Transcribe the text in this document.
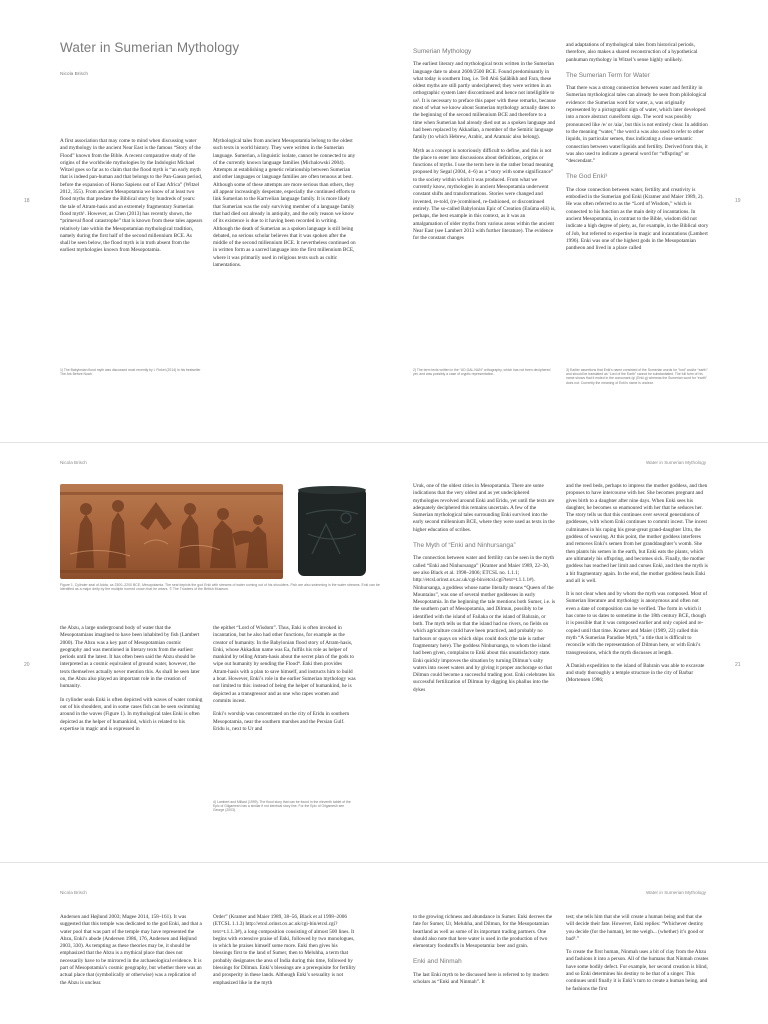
Water in Sumerian Mythology
Nicola Brisch
18	19

A first association that may come to mind when discussing water and mythology in the ancient Near East is the famous “Story of the Flood” known from the Bible. A recent comparative study of the origins of the worldwide mythologies by the Indologist Michael Witzel goes so far as to claim that the flood myth is “an early myth that is indeed pan-human and that belongs to the Pan-Gaean period, before the expansion of Homo Sapiens out of East Africa” (Witzel 2012, 355). From ancient Mesopotamia we know of at least two flood myths that predate the Biblical story by hundreds of years: the tale of Atram-hasis and an extremely fragmentary Sumerian flood myth¹. However, as Chen (2013) has recently shown, the “primeval flood catastrophe” that is known from these tales appears relatively late within the Mesopotamian mythological tradition, namely during the first half of the second millennium BCE. As shall be seen below, the flood myth is in truth absent from the earliest mythologies known from Mesopotamia.

Mythological tales from ancient Mesopotamia belong to the oldest such texts in world history. They were written in the Sumerian language. Sumerian, a linguistic isolate, cannot be connected to any of the currently known language families (Michalowski 2004). Attempts at establishing a genetic relationship between Sumerian and other languages or language families are often tenuous at best. Although some of these attempts are more serious than others, they all appear increasingly desperate, especially the continued efforts to link Sumerian to the Kartvelian language family. It is more likely that Sumerian was the only surviving member of a language family that had died out already in antiquity, and the only reason we know of its existence is due to it having been recorded in writing. Although the death of Sumerian as a spoken language is still being debated, no serious scholar believes that it was spoken after the middle of the second millennium BCE. It nevertheless continued on in written form as a sacred language into the first millennium BCE, where it was primarily used in religious texts such as cultic lamentations.

Sumerian Mythology

The earliest literary and mythological texts written in the Sumerian language date to about 2600/2500 BCE. Found predominantly in what today is southern Iraq, i.e. Tell Abū Ṣalābīkh and Fara, these oldest myths are still partly undeciphered; they were written in an orthographic system later discontinued and hence not intelligible to us². It is necessary to preface this paper with these remarks, because most of what we know about Sumerian mythology actually dates to the beginning of the second millennium BCE and therefore to a time when Sumerian had already died out as a spoken language and had been replaced by Akkadian, a member of the Semitic language family (to which Hebrew, Arabic, and Aramaic also belong).

Myth as a concept is notoriously difficult to define, and this is not the place to enter into discussions about definitions, origins or functions of myths. I use the term here in the rather broad meaning proposed by Segal (2004, 4–6) as a “story with some significance” to the society within which it was produced. From what we currently know, mythologies in ancient Mesopotamia underwent constant shifts and transformations. Stories were changed and invented, re-told, (re-)combined, re-fashioned, or discontinued entirely. The so-called Babylonian Epic of Creation (Enūma eliš) is, perhaps, the best example in this context, as it was an amalgamation of older myths from various areas within the ancient Near East (see Lambert 2013 with further literature). The evidence for the constant changes

and adaptations of mythological tales from historical periods, therefore, also makes a shared reconstruction of a hypothetical panhuman mythology in Witzel’s sense highly unlikely.

The Sumerian Term for Water

That there was a strong connection between water and fertility in Sumerian mythological tales can already be seen from philological evidence: the Sumerian word for water, a, was originally represented by a pictographic sign of water, which later developed into a more abstract cuneiform sign. The word was possibly pronounced like /e/ or /aia/, but this is not entirely clear. In addition to the meaning “water,” the word a was also used to refer to other liquids, in particular semen, thus indicating a close semantic connection between water/liquids and fertility. Derived from this, it was also used to indicate a general word for “offspring” or “descendant.”

The God Enki³

The close connection between water, fertility and creativity is embodied in the Sumerian god Enki (Kramer and Maier 1989, 2). He was often referred to as the “Lord of Wisdom,” which is connected to his function as the main deity of incantations. In ancient Mesopotamia, in contrast to the Bible, wisdom did not indicate a high degree of piety, as, for example, in the Biblical story of Job, but referred to expertise in magic and incantations (Lambert 1996). Enki was one of the highest gods in the Mesopotamian pantheon and lived in a place called

1) The Babylonian flood myth was discussed most recently by I. Finkel (2014) in his bestseller The Ark Before Noah.
2) The term texts written in the “UD.GAL.NUN” orthography, which has not been deciphered yet, and was possibly a case of cryptic representation.
3) Earlier assertions that Enki’s name consisted of the Sumerian words for “lord” and/or “earth” and should be translated as “Lord of the Earth” cannot be substantiated. The full form of his name shows that it ended in the consonant /g/ (Enki.g) whereas the Sumerian word for “earth” does not. Currently the meaning of Enki’s name is unclear.
Nicola Brisch	Water in Sumerian Mythology
20	21
Figure 1. Cylinder seal of Adda, ca 2300–2200 BCE, Mesopotamia. The seal depicts the god Enki with streams of water coming out of his shoulders. Fish are also swimming in the water streams. Enki can be identified as a major deity by the multiple horned crown that he wears. © The Trustees of the British Museum.

the Abzu, a large underground body of water that the Mesopotamians imagined to have been inhabited by fish (Lambert 2000). The Abzu was a key part of Mesopotamian cosmic geography and was mentioned in literary texts from the earliest periods until the latest. It has often been said the Abzu should be interpreted as a cosmic equivalent of ground water, however, the texts themselves actually never mention this. As shall be seen later on, the Abzu also played an important role in the creation of humanity.

In cylinder seals Enki is often depicted with waves of water coming out of his shoulders, and in some cases fish can be seen swimming around in the waves (Figure 1). In mythological tales Enki is often depicted as the helper of humankind, which is related to his expertise in magic and is expressed in

the epithet “Lord of Wisdom”. Thus, Enki is often invoked in incantation, but he also had other functions, for example as the creator of humanity. In the Babylonian flood story of Atram-hasis, Enki, whose Akkadian name was Ea, fulfils his role as helper of mankind by telling Atram-hasis about the secret plan of the gods to wipe out humanity by sending the Flood⁴. Enki then provides Atram-hasis with a plan to save himself, and instructs him to build a boat. However, Enki’s role in the earlier Sumerian mythology was not limited to this: instead of being the helper of humankind, he is depicted as a transgressor and as one who rapes women and commits incest.

Enki’s worship was concentrated on the city of Eridu in southern Mesopotamia, near the southern marshes and the Persian Gulf. Eridu is, next to Ur and

4) Lambert and Millard (1999). The flood story that can be found in the eleventh tablet of the Epic of Gilgamesh has a similar if not identical story line. For the Epic of Gilgamesh see George (2003).

Uruk, one of the oldest cities in Mesopotamia. There are some indications that the very oldest and as yet undeciphered mythologies revolved around Enki and Eridu, yet until the texts are adequately deciphered this remains uncertain. A few of the Sumerian mythological tales surrounding Enki survived into the early second millennium BCE, where they were used as texts in the higher education of scribes.

The Myth of “Enki and Ninhursanga”

The connection between water and fertility can be seen in the myth called “Enki and Ninhursanga” (Kramer and Maier 1989, 22–30, see also Black et al. 1998–2006; ETCSL no. 1.1.1; http://etcsl.orinst.ox.ac.uk/cgi-bin/etcsl.cgi?text=t.1.1.1#). Ninhursanga, a goddess whose name literally means “Queen of the Mountains”, was one of several mother goddesses in early Mesopotamia. In the beginning the tale mentions both Sumer, i.e. is the southern part of Mesopotamia, and Dilmun, possibly to be identified with the island of Failaka or the island of Bahrain, or both. The myth tells us that the island had no rivers, no fields on which agriculture could have been practiced, and probably no harbours or quays on which ships could dock (the tale is rather fragmentary here). The goddess Ninhursanga, to whom the island had been given, complains to Enki about this unsatisfactory state. Enki quickly improves the situation by turning Dilmun’s salty waters into sweet waters and by giving it proper anchorage so that Dilmun could become a successful trading post. Enki celebrates his successful fertilization of Dilmun by digging his phallus into the dykes

and the reed beds, perhaps to impress the mother goddess, and then proposes to have intercourse with her. She becomes pregnant and gives birth to a daughter after nine days. When Enki sees his daughter, he becomes so enamoured with her that he seduces her. The story tells us that this continues over several generations of goddesses, with whom Enki continues to commit incest. The incest culminates in his raping his great-great grand-daughter Uttu, the goddess of weaving. At this point, the mother goddess interferes and removes Enki’s semen from her granddaughter’s womb. She then plants his semen in the earth, but Enki eats the plants, which are ultimately his offspring, and becomes sick. Finally, the mother goddess has reached her limit and curses Enki, and then the myth is a bit fragmentary again. In the end, the mother goddess heals Enki and all is well.

It is not clear when and by whom the myth was composed. Most of Sumerian literature and mythology is anonymous and often not even a date of composition can be verified. The form in which it has come to us dates to sometime in the 18th century BCE, though it is possible that it was composed earlier and only copied and re-copied until that time. Kramer and Maier (1989, 22) called this myth “A Sumerian Paradise Myth,” a title that is difficult to reconcile with the representation of Dilmun here, or with Enki’s transgressions, which the myth discusses at length.

A Danish expedition to the island of Bahrain was able to excavate and study thoroughly a temple structure in the city of Barbar (Mortensen 1986;

Nicola Brisch	Water in Sumerian Mythology

Andersen and Højlund 2003; Magee 2014, 158–161). It was suggested that this temple was dedicated to the god Enki, and that a water pool that was part of the temple may have represented the Abzu, Enki’s abode (Andersen 1986, 176, Andersen and Højlund 2003, 330). As tempting as these theories may be, it should be emphasized that the Abzu is a mythical place that does not necessarily have to be mirrored in the archaeological evidence. It is part of Mesopotamia’s cosmic geography, but whether there was an actual place that (symbolically or otherwise) was a replication of the Abzu is unclear.

Order” (Kramer and Maier 1989, 38–56, Black et al 1998–2006 (ETCSL 1.1.3) http://etcsl.orinst.ox.ac.uk/cgi-bin/etcsl.cgi?text=t.1.1.3#), a long composition consisting of almost 500 lines. It begins with extensive praise of Enki, followed by two monologues, in which he praises himself some more. Enki then gives his blessings first to the land of Sumer, then to Meluhha, a term that probably designates the area of India during this time, followed by blessings for Dilmun. Enki’s blessings are a prerequisite for fertility and prosperity in these lands. Although Enki’s sexuality is not emphasized like in the myth

to the growing richness and abundance in Sumer. Enki decrees the fate for Sumer, Ur, Meluhha, and Dilmun, for the Mesopotamian heartland as well as some of its important trading partners. One should also note that here water is used in the production of two elementary foodstuffs in Mesopotamia: beer and grain.

Enki and Ninmah

The last Enki myth to be discussed here is referred to by modern scholars as “Enki and Ninmah”. It

test; she tells him that she will create a human being and that she will decide their fate. However, Enki replies: “Whichever destiny you decide (for the human), let me weigh... (whether) it’s good or bad⁵.”

To create the first human, Ninmah uses a bit of clay from the Abzu and fashions it into a person. All of the humans that Ninmah creates have some bodily defect. For example, her second creation is blind, and so Enki determines his destiny to be that of a singer. This continues until finally it is Enki’s turn to create a human being, and he fashions the first
